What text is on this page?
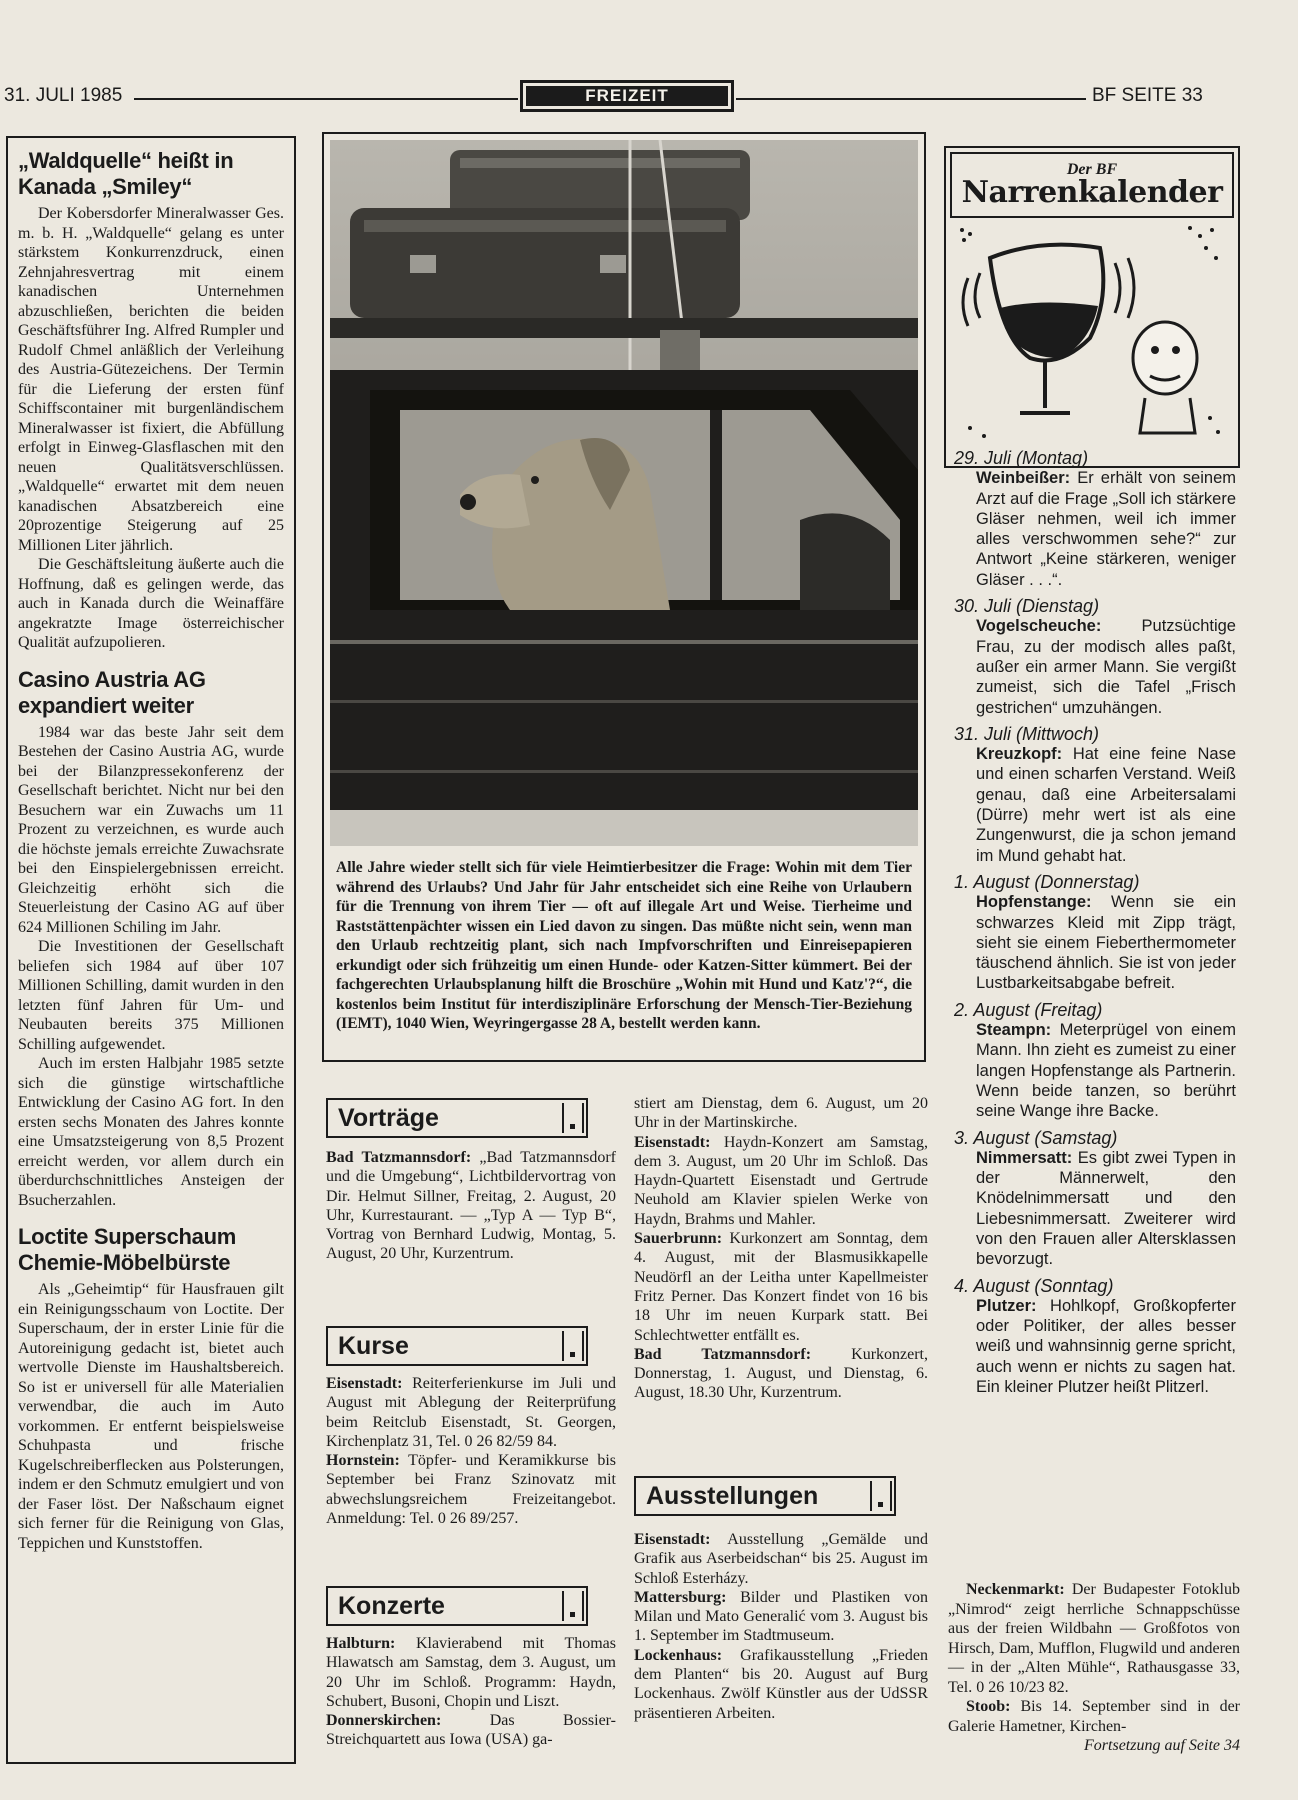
31. JULI 1985	FREIZEIT	BF SEITE 33
„Waldquelle“ heißt in Kanada „Smiley“

Der Kobersdorfer Mineralwasser Ges. m. b. H. „Waldquelle“ gelang es unter stärkstem Konkurrenzdruck, einen Zehnjahresvertrag mit einem kanadischen Unternehmen abzuschließen, berichten die beiden Geschäftsführer Ing. Alfred Rumpler und Rudolf Chmel anläßlich der Verleihung des Austria-Gütezeichens. Der Termin für die Lieferung der ersten fünf Schiffscontainer mit burgenländischem Mineralwasser ist fixiert, die Abfüllung erfolgt in Einweg-Glasflaschen mit den neuen Qualitätsverschlüssen. „Waldquelle“ erwartet mit dem neuen kanadischen Absatzbereich eine 20prozentige Steigerung auf 25 Millionen Liter jährlich.

Die Geschäftsleitung äußerte auch die Hoffnung, daß es gelingen werde, das auch in Kanada durch die Weinaffäre angekratzte Image österreichischer Qualität aufzupolieren.

Casino Austria AG expandiert weiter

1984 war das beste Jahr seit dem Bestehen der Casino Austria AG, wurde bei der Bilanzpressekonferenz der Gesellschaft berichtet. Nicht nur bei den Besuchern war ein Zuwachs um 11 Prozent zu verzeichnen, es wurde auch die höchste jemals erreichte Zuwachsrate bei den Einspielergebnissen erreicht. Gleichzeitig erhöht sich die Steuerleistung der Casino AG auf über 624 Millionen Schiling im Jahr.

Die Investitionen der Gesellschaft beliefen sich 1984 auf über 107 Millionen Schilling, damit wurden in den letzten fünf Jahren für Um- und Neubauten bereits 375 Millionen Schilling aufgewendet.

Auch im ersten Halbjahr 1985 setzte sich die günstige wirtschaftliche Entwicklung der Casino AG fort. In den ersten sechs Monaten des Jahres konnte eine Umsatzsteigerung von 8,5 Prozent erreicht werden, vor allem durch ein überdurchschnittliches Ansteigen der Bsucherzahlen.

Loctite Superschaum Chemie-Möbelbürste

Als „Geheimtip“ für Hausfrauen gilt ein Reinigungsschaum von Loctite. Der Superschaum, der in erster Linie für die Autoreinigung gedacht ist, bietet auch wertvolle Dienste im Haushaltsbereich. So ist er universell für alle Materialien verwendbar, die auch im Auto vorkommen. Er entfernt beispielsweise Schuhpasta und frische Kugelschreiberflecken aus Polsterungen, indem er den Schmutz emulgiert und von der Faser löst. Der Naßschaum eignet sich ferner für die Reinigung von Glas, Teppichen und Kunststoffen.

Alle Jahre wieder stellt sich für viele Heimtierbesitzer die Frage: Wohin mit dem Tier während des Urlaubs? Und Jahr für Jahr entscheidet sich eine Reihe von Urlaubern für die Trennung von ihrem Tier — oft auf illegale Art und Weise. Tierheime und Raststättenpächter wissen ein Lied davon zu singen. Das müßte nicht sein, wenn man den Urlaub rechtzeitig plant, sich nach Impfvorschriften und Einreisepapieren erkundigt oder sich frühzeitig um einen Hunde- oder Katzen-Sitter kümmert. Bei der fachgerechten Urlaubsplanung hilft die Broschüre „Wohin mit Hund und Katz'?“, die kostenlos beim Institut für interdisziplinäre Erforschung der Mensch-Tier-Beziehung (IEMT), 1040 Wien, Weyringergasse 28 A, bestellt werden kann.
Vorträge

Bad Tatzmannsdorf: „Bad Tatzmannsdorf und die Umgebung“, Lichtbildervortrag von Dir. Helmut Sillner, Freitag, 2. August, 20 Uhr, Kurrestaurant. — „Typ A — Typ B“, Vortrag von Bernhard Ludwig, Montag, 5. August, 20 Uhr, Kurzentrum.

Kurse

Eisenstadt: Reiterferienkurse im Juli und August mit Ablegung der Reiterprüfung beim Reitclub Eisenstadt, St. Georgen, Kirchenplatz 31, Tel. 0 26 82/59 84.

Hornstein: Töpfer- und Keramikkurse bis September bei Franz Szinovatz mit abwechslungsreichem Freizeitangebot. Anmeldung: Tel. 0 26 89/257.

Konzerte

Halbturn: Klavierabend mit Thomas Hlawatsch am Samstag, dem 3. August, um 20 Uhr im Schloß. Programm: Haydn, Schubert, Busoni, Chopin und Liszt.

Donnerskirchen:	Das Bossier-Streichquartett aus Iowa (USA) ga-

stiert am Dienstag, dem 6. August, um 20 Uhr in der Martinskirche.

Eisenstadt: Haydn-Konzert am Samstag, dem 3. August, um 20 Uhr im Schloß. Das Haydn-Quartett Eisenstadt und Gertrude Neuhold am Klavier spielen Werke von Haydn, Brahms und Mahler.

Sauerbrunn: Kurkonzert am Sonntag, dem 4. August, mit der Blasmusikkapelle Neudörfl an der Leitha unter Kapellmeister Fritz Perner. Das Konzert findet von 16 bis 18 Uhr im neuen Kurpark statt. Bei Schlechtwetter entfällt es.

Bad Tatzmannsdorf:	Kurkonzert, Donnerstag, 1. August, und Dienstag, 6. August, 18.30 Uhr, Kurzentrum.

Ausstellungen

Eisenstadt: Ausstellung „Gemälde und Grafik aus Aserbeidschan“ bis 25. August im Schloß Esterházy.

Mattersburg: Bilder und Plastiken von Milan und Mato Generalić vom 3. August bis 1. September im Stadtmuseum.

Lockenhaus: Grafikausstellung „Frieden dem Planten“ bis 20. August auf Burg Lockenhaus. Zwölf Künstler aus der UdSSR präsentieren Arbeiten.

Der BF
Narrenkalender
29. Juli (Montag)
Weinbeißer: Er erhält von seinem Arzt auf die Frage „Soll ich stärkere Gläser nehmen, weil ich immer alles verschwommen sehe?“ zur Antwort „Keine stärkeren, weniger Gläser . . .“.
30. Juli (Dienstag)
Vogelscheuche: Putzsüchtige Frau, zu der modisch alles paßt, außer ein armer Mann. Sie vergißt zumeist, sich die Tafel „Frisch gestrichen“ umzuhängen.
31. Juli (Mittwoch)
Kreuzkopf: Hat eine feine Nase und einen scharfen Verstand. Weiß genau, daß eine Arbeitersalami (Dürre) mehr wert ist als eine Zungenwurst, die ja schon jemand im Mund gehabt hat.
1. August (Donnerstag)
Hopfenstange: Wenn sie ein schwarzes Kleid mit Zipp trägt, sieht sie einem Fieberthermometer täuschend ähnlich. Sie ist von jeder Lustbarkeitsabgabe befreit.
2. August (Freitag)
Steampn: Meterprügel von einem Mann. Ihn zieht es zumeist zu einer langen Hopfenstange als Partnerin. Wenn beide tanzen, so berührt seine Wange ihre Backe.
3. August (Samstag)
Nimmersatt: Es gibt zwei Typen in der Männerwelt, den Knödelnimmersatt und den Liebesnimmersatt. Zweiterer wird von den Frauen aller Altersklassen bevorzugt.
4. August (Sonntag)
Plutzer: Hohlkopf, Großkopferter oder Politiker, der alles besser weiß und wahnsinnig gerne spricht, auch wenn er nichts zu sagen hat. Ein kleiner Plutzer heißt Plitzerl.

Neckenmarkt: Der Budapester Fotoklub „Nimrod“ zeigt herrliche Schnappschüsse aus der freien Wildbahn — Großfotos von Hirsch, Dam, Mufflon, Flugwild und anderen — in der „Alten Mühle“, Rathausgasse 33, Tel. 0 26 10/23 82.

Stoob: Bis 14. September sind in der Galerie Hametner, Kirchen-

Fortsetzung auf Seite 34
